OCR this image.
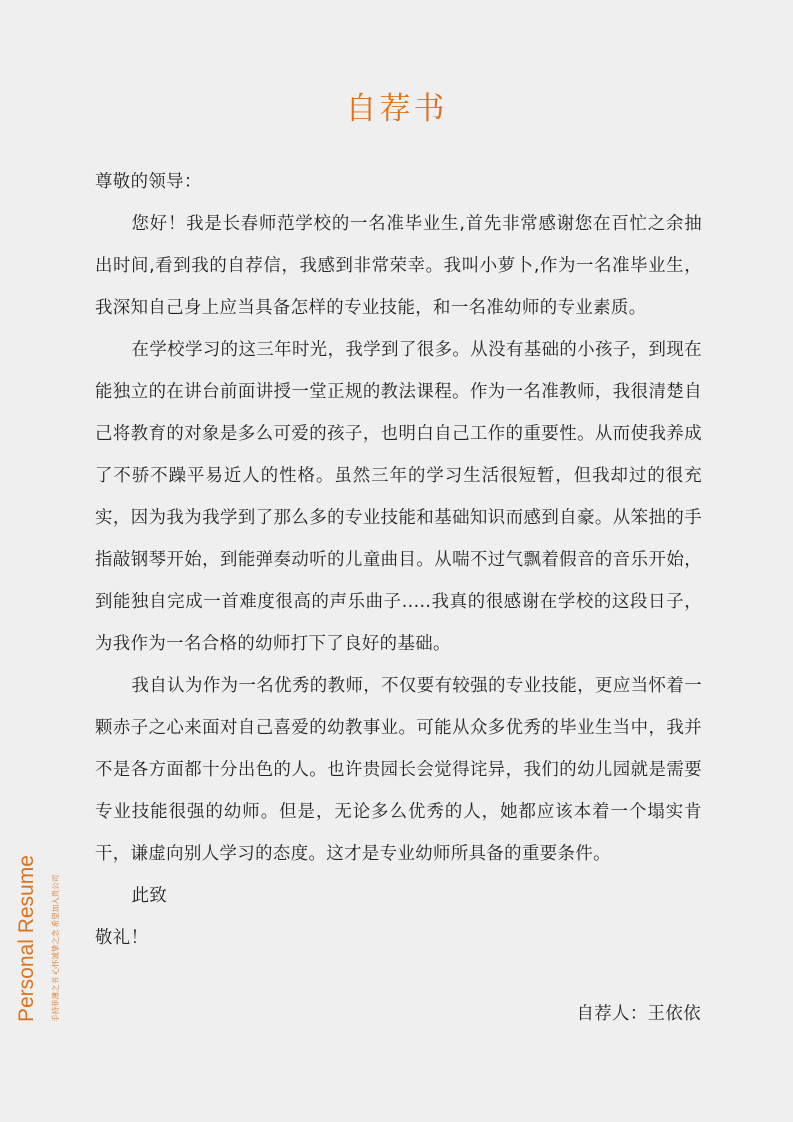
自荐书

尊敬的领导：

您好！我是长春师范学校的一名准毕业生,首先非常感谢您在百忙之余抽出时间,看到我的自荐信，我感到非常荣幸。我叫小萝卜,作为一名准毕业生，我深知自己身上应当具备怎样的专业技能，和一名准幼师的专业素质。

在学校学习的这三年时光，我学到了很多。从没有基础的小孩子，到现在能独立的在讲台前面讲授一堂正规的教法课程。作为一名准教师，我很清楚自己将教育的对象是多么可爱的孩子，也明白自己工作的重要性。从而使我养成了不骄不躁平易近人的性格。虽然三年的学习生活很短暂，但我却过的很充实，因为我为我学到了那么多的专业技能和基础知识而感到自豪。从笨拙的手指敲钢琴开始，到能弹奏动听的儿童曲目。从喘不过气飘着假音的音乐开始，到能独自完成一首难度很高的声乐曲子.....我真的很感谢在学校的这段日子，为我作为一名合格的幼师打下了良好的基础。

我自认为作为一名优秀的教师，不仅要有较强的专业技能，更应当怀着一颗赤子之心来面对自己喜爱的幼教事业。可能从众多优秀的毕业生当中，我并不是各方面都十分出色的人。也许贵园长会觉得诧异，我们的幼儿园就是需要专业技能很强的幼师。但是，无论多么优秀的人，她都应该本着一个塌实肯干，谦虚向别人学习的态度。这才是专业幼师所具备的重要条件。

此致

敬礼！

自荐人：王依依
Personal Resume 手持菲薄之书 心怀诚挚之念 希望加入贵公司
